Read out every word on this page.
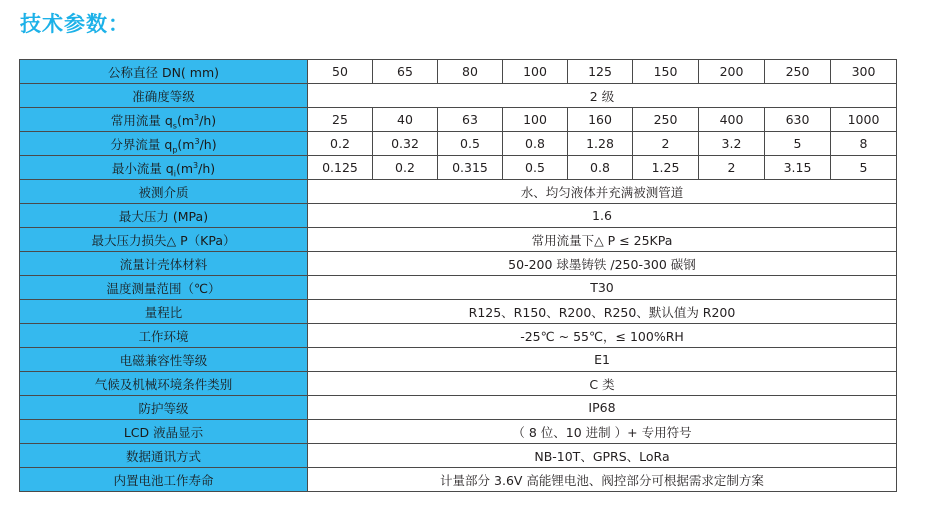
技术参数：
公称直径 DN( mm)	50	65	80	100	125	150	200	250	300
准确度等级	2 级								
常用流量 $q_s(m^3/h)$	25	40	63	100	160	250	400	630	1000
分界流量 $q_p(m^3/h)$	0.2	0.32	0.5	0.8	1.28	2	3.2	5	8
最小流量 $q_i(m^3/h)$	0.125	0.2	0.315	0.5	0.8	1.25	2	3.15	5
被测介质	水、均匀液体并充满被测管道								
最大压力 (MPa)	1.6								
最大压力损失△ P（KPa）	常用流量下△ P ≤ 25KPa								
流量计壳体材料	50-200 球墨铸铁 /250-300 碳钢								
温度测量范围（℃）	T30								
量程比	R125、R150、R200、R250、默认值为 R200								
工作环境	-25℃ ~ 55℃，≤ 100%RH								
电磁兼容性等级	E1								
气候及机械环境条件类别	C 类								
防护等级	IP68								
LCD 液晶显示	（ 8 位、10 进制 ）+ 专用符号								
数据通讯方式	NB-10T、GPRS、LoRa								
内置电池工作寿命	计量部分 3.6V 高能锂电池、阀控部分可根据需求定制方案								
